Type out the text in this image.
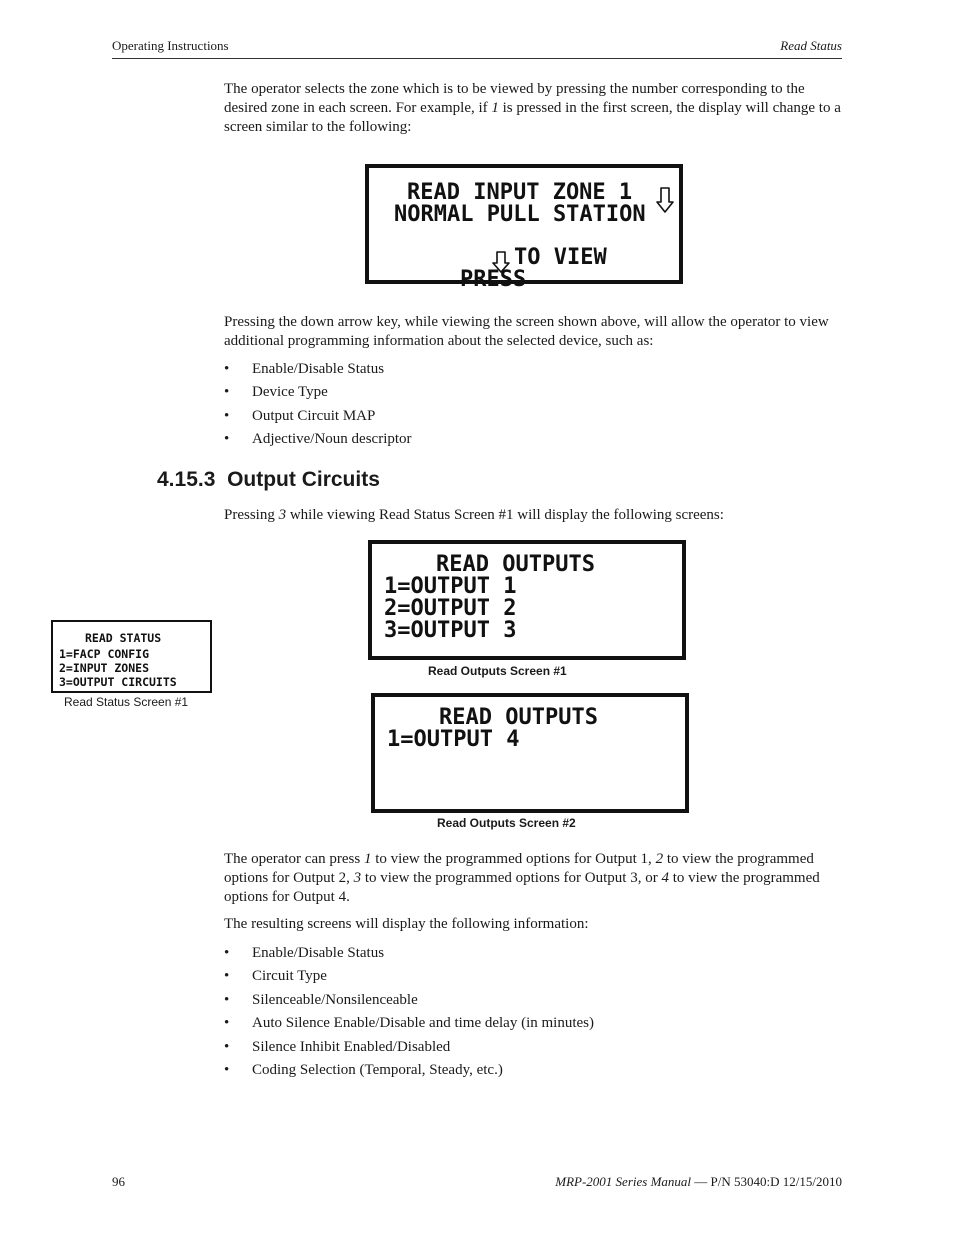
Operating Instructions	Read Status
The operator selects the zone which is to be viewed by pressing the number corresponding to the desired zone in each screen. For example, if 1 is pressed in the first screen, the display will change to a screen similar to the following:

READ INPUT ZONE 1

NORMAL PULL STATION

PRESS

TO VIEW

Pressing the down arrow key, while viewing the screen shown above, will allow the operator to view additional programming information about the selected device, such as:
• Enable/Disable Status
• Device Type
• Output Circuit MAP
• Adjective/Noun descriptor
4.15.3 Output Circuits
Pressing 3 while viewing Read Status Screen #1 will display the following screens:

READ OUTPUTS

1=OUTPUT 1

2=OUTPUT 2

3=OUTPUT 3

Read Outputs Screen #1

READ STATUS

1=FACP CONFIG

2=INPUT ZONES

3=OUTPUT CIRCUITS

Read Status Screen #1

READ OUTPUTS

1=OUTPUT 4

Read Outputs Screen #2
The operator can press 1 to view the programmed options for Output 1, 2 to view the programmed options for Output 2, 3 to view the programmed options for Output 3, or 4 to view the programmed options for Output 4.
The resulting screens will display the following information:
• Enable/Disable Status
• Circuit Type
• Silenceable/Nonsilenceable
• Auto Silence Enable/Disable and time delay (in minutes)
• Silence Inhibit Enabled/Disabled
• Coding Selection (Temporal, Steady, etc.)
96	MRP-2001 Series Manual — P/N 53040:D 12/15/2010
